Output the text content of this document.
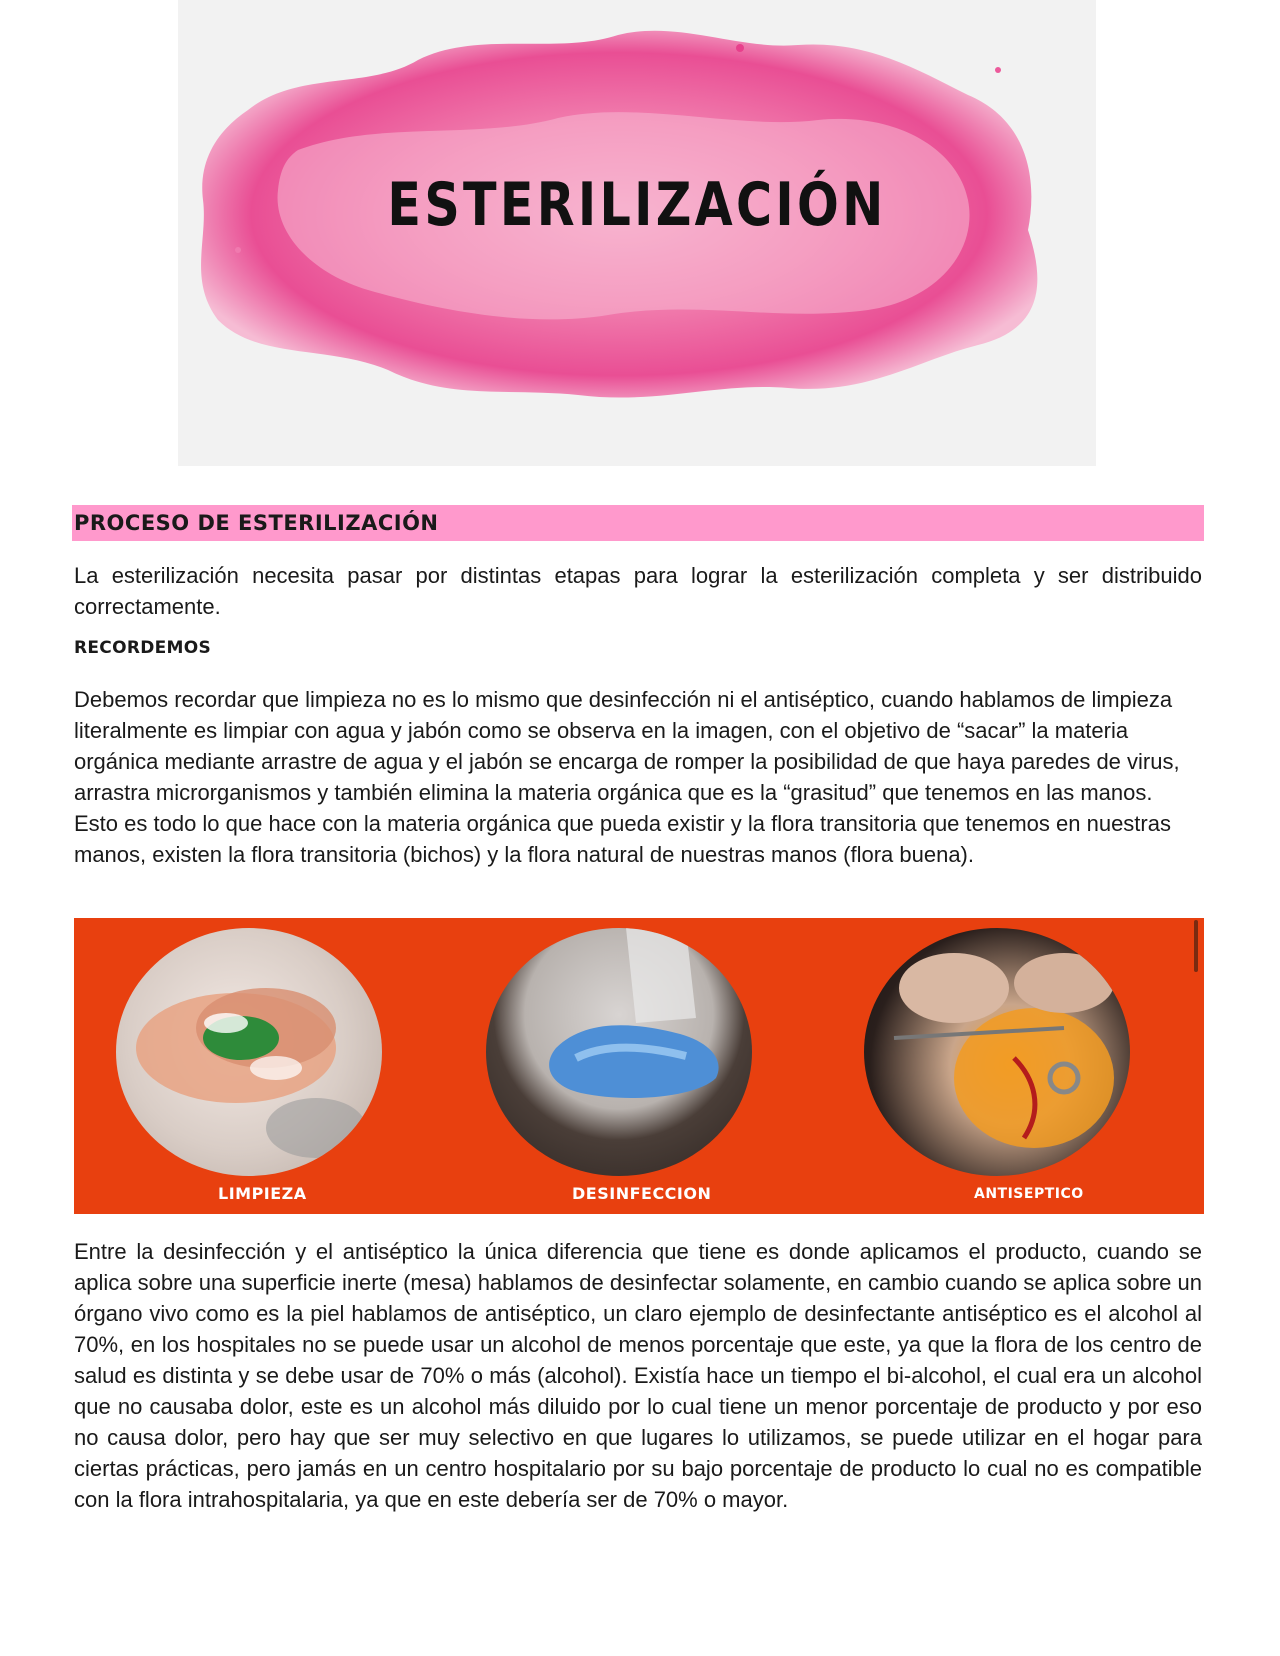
ESTERILIZACIÓN
PROCESO DE ESTERILIZACIÓN

La esterilización necesita pasar por distintas etapas para lograr la esterilización completa y ser distribuido correctamente.

RECORDEMOS

Debemos recordar que limpieza no es lo mismo que desinfección ni el antiséptico, cuando hablamos de limpieza literalmente es limpiar con agua y jabón como se observa en la imagen, con el objetivo de “sacar” la materia orgánica mediante arrastre de agua y el jabón se encarga de romper la posibilidad de que haya paredes de virus, arrastra microrganismos y también elimina la materia orgánica que es la “grasitud” que tenemos en las manos. Esto es todo lo que hace con la materia orgánica que pueda existir y la flora transitoria que tenemos en nuestras manos, existen la flora transitoria (bichos) y la flora natural de nuestras manos (flora buena).

LIMPIEZA	DESINFECCION	ANTISEPTICO

Entre la desinfección y el antiséptico la única diferencia que tiene es donde aplicamos el producto, cuando se aplica sobre una superficie inerte (mesa) hablamos de desinfectar solamente, en cambio cuando se aplica sobre un órgano vivo como es la piel hablamos de antiséptico, un claro ejemplo de desinfectante antiséptico es el alcohol al 70%, en los hospitales no se puede usar un alcohol de menos porcentaje que este, ya que la flora de los centro de salud es distinta y se debe usar de 70% o más (alcohol). Existía hace un tiempo el bi-alcohol, el cual era un alcohol que no causaba dolor, este es un alcohol más diluido por lo cual tiene un menor porcentaje de producto y por eso no causa dolor, pero hay que ser muy selectivo en que lugares lo utilizamos, se puede utilizar en el hogar para ciertas prácticas, pero jamás en un centro hospitalario por su bajo porcentaje de producto lo cual no es compatible con la flora intrahospitalaria, ya que en este debería ser de 70% o mayor.
